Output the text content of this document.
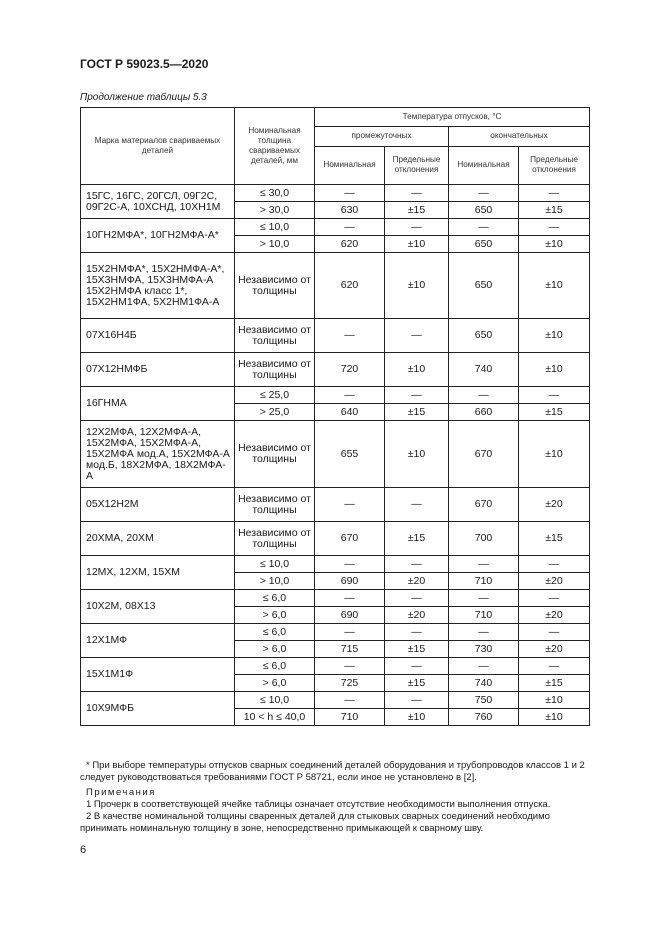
ГОСТ Р 59023.5—2020
Продолжение таблицы 5.3
Марка материалов свариваемых деталей	Номинальная толщина свариваемых деталей, мм	Температура отпусков, °С			
		промежуточных		окончательных	
		Номинальная	Предельные отклонения	Номинальная	Предельные отклонения
15ГС, 16ГС, 20ГСЛ, 09Г2С, 09Г2С-А, 10ХСНД, 10ХН1М	≤ 30,0	—	—	—	—
	> 30,0	630	±15	650	±15
10ГН2МФА*, 10ГН2МФА-А*	≤ 10,0	—	—	—	—
	> 10,0	620	±10	650	±10
15Х2НМФА*, 15Х2НМФА-А*, 15Х3НМФА, 15Х3НМФА-А 15Х2НМФА класс 1*, 15Х2НМ1ФА, 5Х2НМ1ФА-А	Независимо от толщины	620	±10	650	±10
07Х16Н4Б	Независимо от толщины	—	—	650	±10
07Х12НМФБ	Независимо от толщины	720	±10	740	±10
16ГНМА	≤ 25,0	—	—	—	—
	> 25,0	640	±15	660	±15
12Х2МФА, 12Х2МФА-А, 15Х2МФА, 15Х2МФА-А, 15Х2МФА мод.А, 15Х2МФА-А мод.Б, 18Х2МФА, 18Х2МФА-А	Независимо от толщины	655	±10	670	±10
05Х12Н2М	Независимо от толщины	—	—	670	±20
20ХМА, 20ХМ	Независимо от толщины	670	±15	700	±15
12МХ, 12ХМ, 15ХМ	≤ 10,0	—	—	—	—
	> 10,0	690	±20	710	±20
10Х2М, 08Х13	≤ 6,0	—	—	—	—
	> 6,0	690	±20	710	±20
12Х1МФ	≤ 6,0	—	—	—	—
	> 6,0	715	±15	730	±20
15Х1М1Ф	≤ 6,0	—	—	—	—
	> 6,0	725	±15	740	±15
10Х9МФБ	≤ 10,0	—	—	750	±10
	10 < h ≤ 40,0	710	±10	760	±10
* При выборе температуры отпусков сварных соединений деталей оборудования и трубопроводов классов 1 и 2 следует руководствоваться требованиями ГОСТ Р 58721, если иное не установлено в [2].
Примечания
1 Прочерк в соответствующей ячейке таблицы означает отсутствие необходимости выполнения отпуска.
2 В качестве номинальной толщины сваренных деталей для стыковых сварных соединений необходимо принимать номинальную толщину в зоне, непосредственно примыкающей к сварному шву.
6
